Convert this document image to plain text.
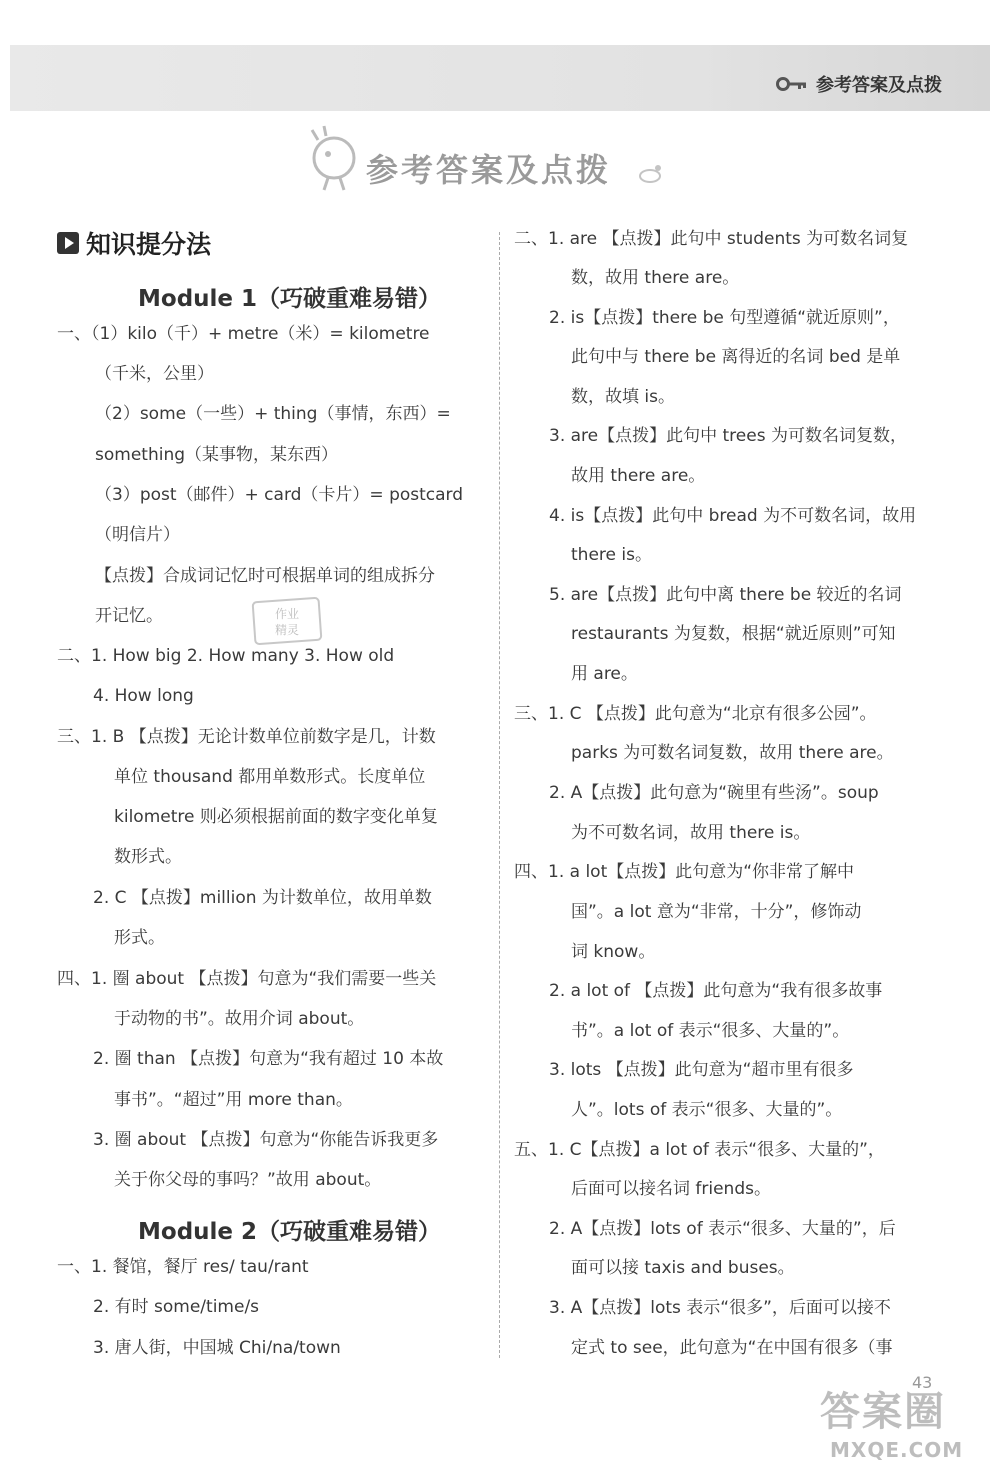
参考答案及点拨
参考答案及点拨
知识提分法
Module 1（巧破重难易错）
Module 2（巧破重难易错）
一、（1）kilo（千）+ metre（米）= kilometre
（千米，公里）
（2）some（一些）+ thing（事情，东西）=
something（某事物，某东西）
（3）post（邮件）+ card（卡片）= postcard
（明信片）
【点拨】合成词记忆时可根据单词的组成拆分
开记忆。
二、1. How big 2. How many 3. How old
4. How long
三、1. B 【点拨】无论计数单位前数字是几，计数
单位 thousand 都用单数形式。长度单位
kilometre 则必须根据前面的数字变化单复
数形式。
2. C 【点拨】million 为计数单位，故用单数
形式。
四、1. 圈 about 【点拨】句意为“我们需要一些关
于动物的书”。故用介词 about。
2. 圈 than 【点拨】句意为“我有超过 10 本故
事书”。“超过”用 more than。
3. 圈 about 【点拨】句意为“你能告诉我更多
关于你父母的事吗？”故用 about。
一、1. 餐馆，餐厅 res/ tau/rant
2. 有时 some/time/s
3. 唐人街，中国城 Chi/na/town
二、1. are 【点拨】此句中 students 为可数名词复
数，故用 there are。
2. is【点拨】there be 句型遵循“就近原则”，
此句中与 there be 离得近的名词 bed 是单
数，故填 is。
3. are【点拨】此句中 trees 为可数名词复数，
故用 there are。
4. is【点拨】此句中 bread 为不可数名词，故用
there is。
5. are【点拨】此句中离 there be 较近的名词
restaurants 为复数，根据“就近原则”可知
用 are。
三、1. C 【点拨】此句意为“北京有很多公园”。
parks 为可数名词复数，故用 there are。
2. A【点拨】此句意为“碗里有些汤”。soup
为不可数名词，故用 there is。
四、1. a lot【点拨】此句意为“你非常了解中
国”。a lot 意为“非常，十分”，修饰动
词 know。
2. a lot of 【点拨】此句意为“我有很多故事
书”。a lot of 表示“很多、大量的”。
3. lots 【点拨】此句意为“超市里有很多
人”。lots of 表示“很多、大量的”。
五、1. C【点拨】a lot of 表示“很多、大量的”，
后面可以接名词 friends。
2. A【点拨】lots of 表示“很多、大量的”，后
面可以接 taxis and buses。
3. A【点拨】lots 表示“很多”，后面可以接不
定式 to see，此句意为“在中国有很多（事
作业
精灵
43
答案圈
MXQE.COM
